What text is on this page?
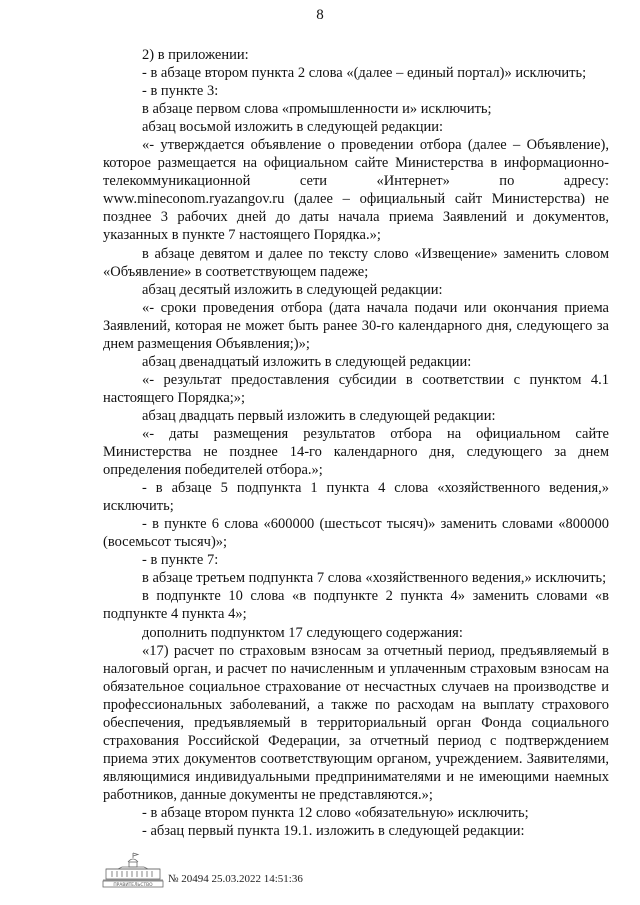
8

2) в приложении:

- в абзаце втором пункта 2 слова «(далее – единый портал)» исключить;

- в пункте 3:

в абзаце первом слова «промышленности и» исключить;

абзац восьмой изложить в следующей редакции:

«- утверждается объявление о проведении отбора (далее – Объявление), которое размещается на официальном сайте Министерства в информационно-телекоммуникационной сети «Интернет» по адресу: www.mineconom.ryazangov.ru (далее – официальный сайт Министерства) не позднее 3 рабочих дней до даты начала приема Заявлений и документов, указанных в пункте 7 настоящего Порядка.»;

в абзаце девятом и далее по тексту слово «Извещение» заменить словом «Объявление» в соответствующем падеже;

абзац десятый изложить в следующей редакции:

«- сроки проведения отбора (дата начала подачи или окончания приема Заявлений, которая не может быть ранее 30-го календарного дня, следующего за днем размещения Объявления;)»;

абзац двенадцатый изложить в следующей редакции:

«- результат предоставления субсидии в соответствии с пунктом 4.1 настоящего Порядка;»;

абзац двадцать первый изложить в следующей редакции:

«- даты размещения результатов отбора на официальном сайте Министерства не позднее 14-го календарного дня, следующего за днем определения победителей отбора.»;

- в абзаце 5 подпункта 1 пункта 4 слова «хозяйственного ведения,» исключить;

- в пункте 6 слова «600000 (шестьсот тысяч)» заменить словами «800000 (восемьсот тысяч)»;

- в пункте 7:

в абзаце третьем подпункта 7 слова «хозяйственного ведения,» исключить;

в подпункте 10 слова «в подпункте 2 пункта 4» заменить словами «в подпункте 4 пункта 4»;

дополнить подпунктом 17 следующего содержания:

«17) расчет по страховым взносам за отчетный период, предъявляемый в налоговый орган, и расчет по начисленным и уплаченным страховым взносам на обязательное социальное страхование от несчастных случаев на производстве и профессиональных заболеваний, а также по расходам на выплату страхового обеспечения, предъявляемый в территориальный орган Фонда социального страхования Российской Федерации, за отчетный период с подтверждением приема этих документов соответствующим органом, учреждением. Заявителями, являющимися индивидуальными предпринимателями и не имеющими наемных работников, данные документы не представляются.»;

- в абзаце втором пункта 12 слово «обязательную» исключить;

- абзац первый пункта 19.1. изложить в следующей редакции:

ПРАВИТЕЛЬСТВО
№ 20494 25.03.2022 14:51:36
